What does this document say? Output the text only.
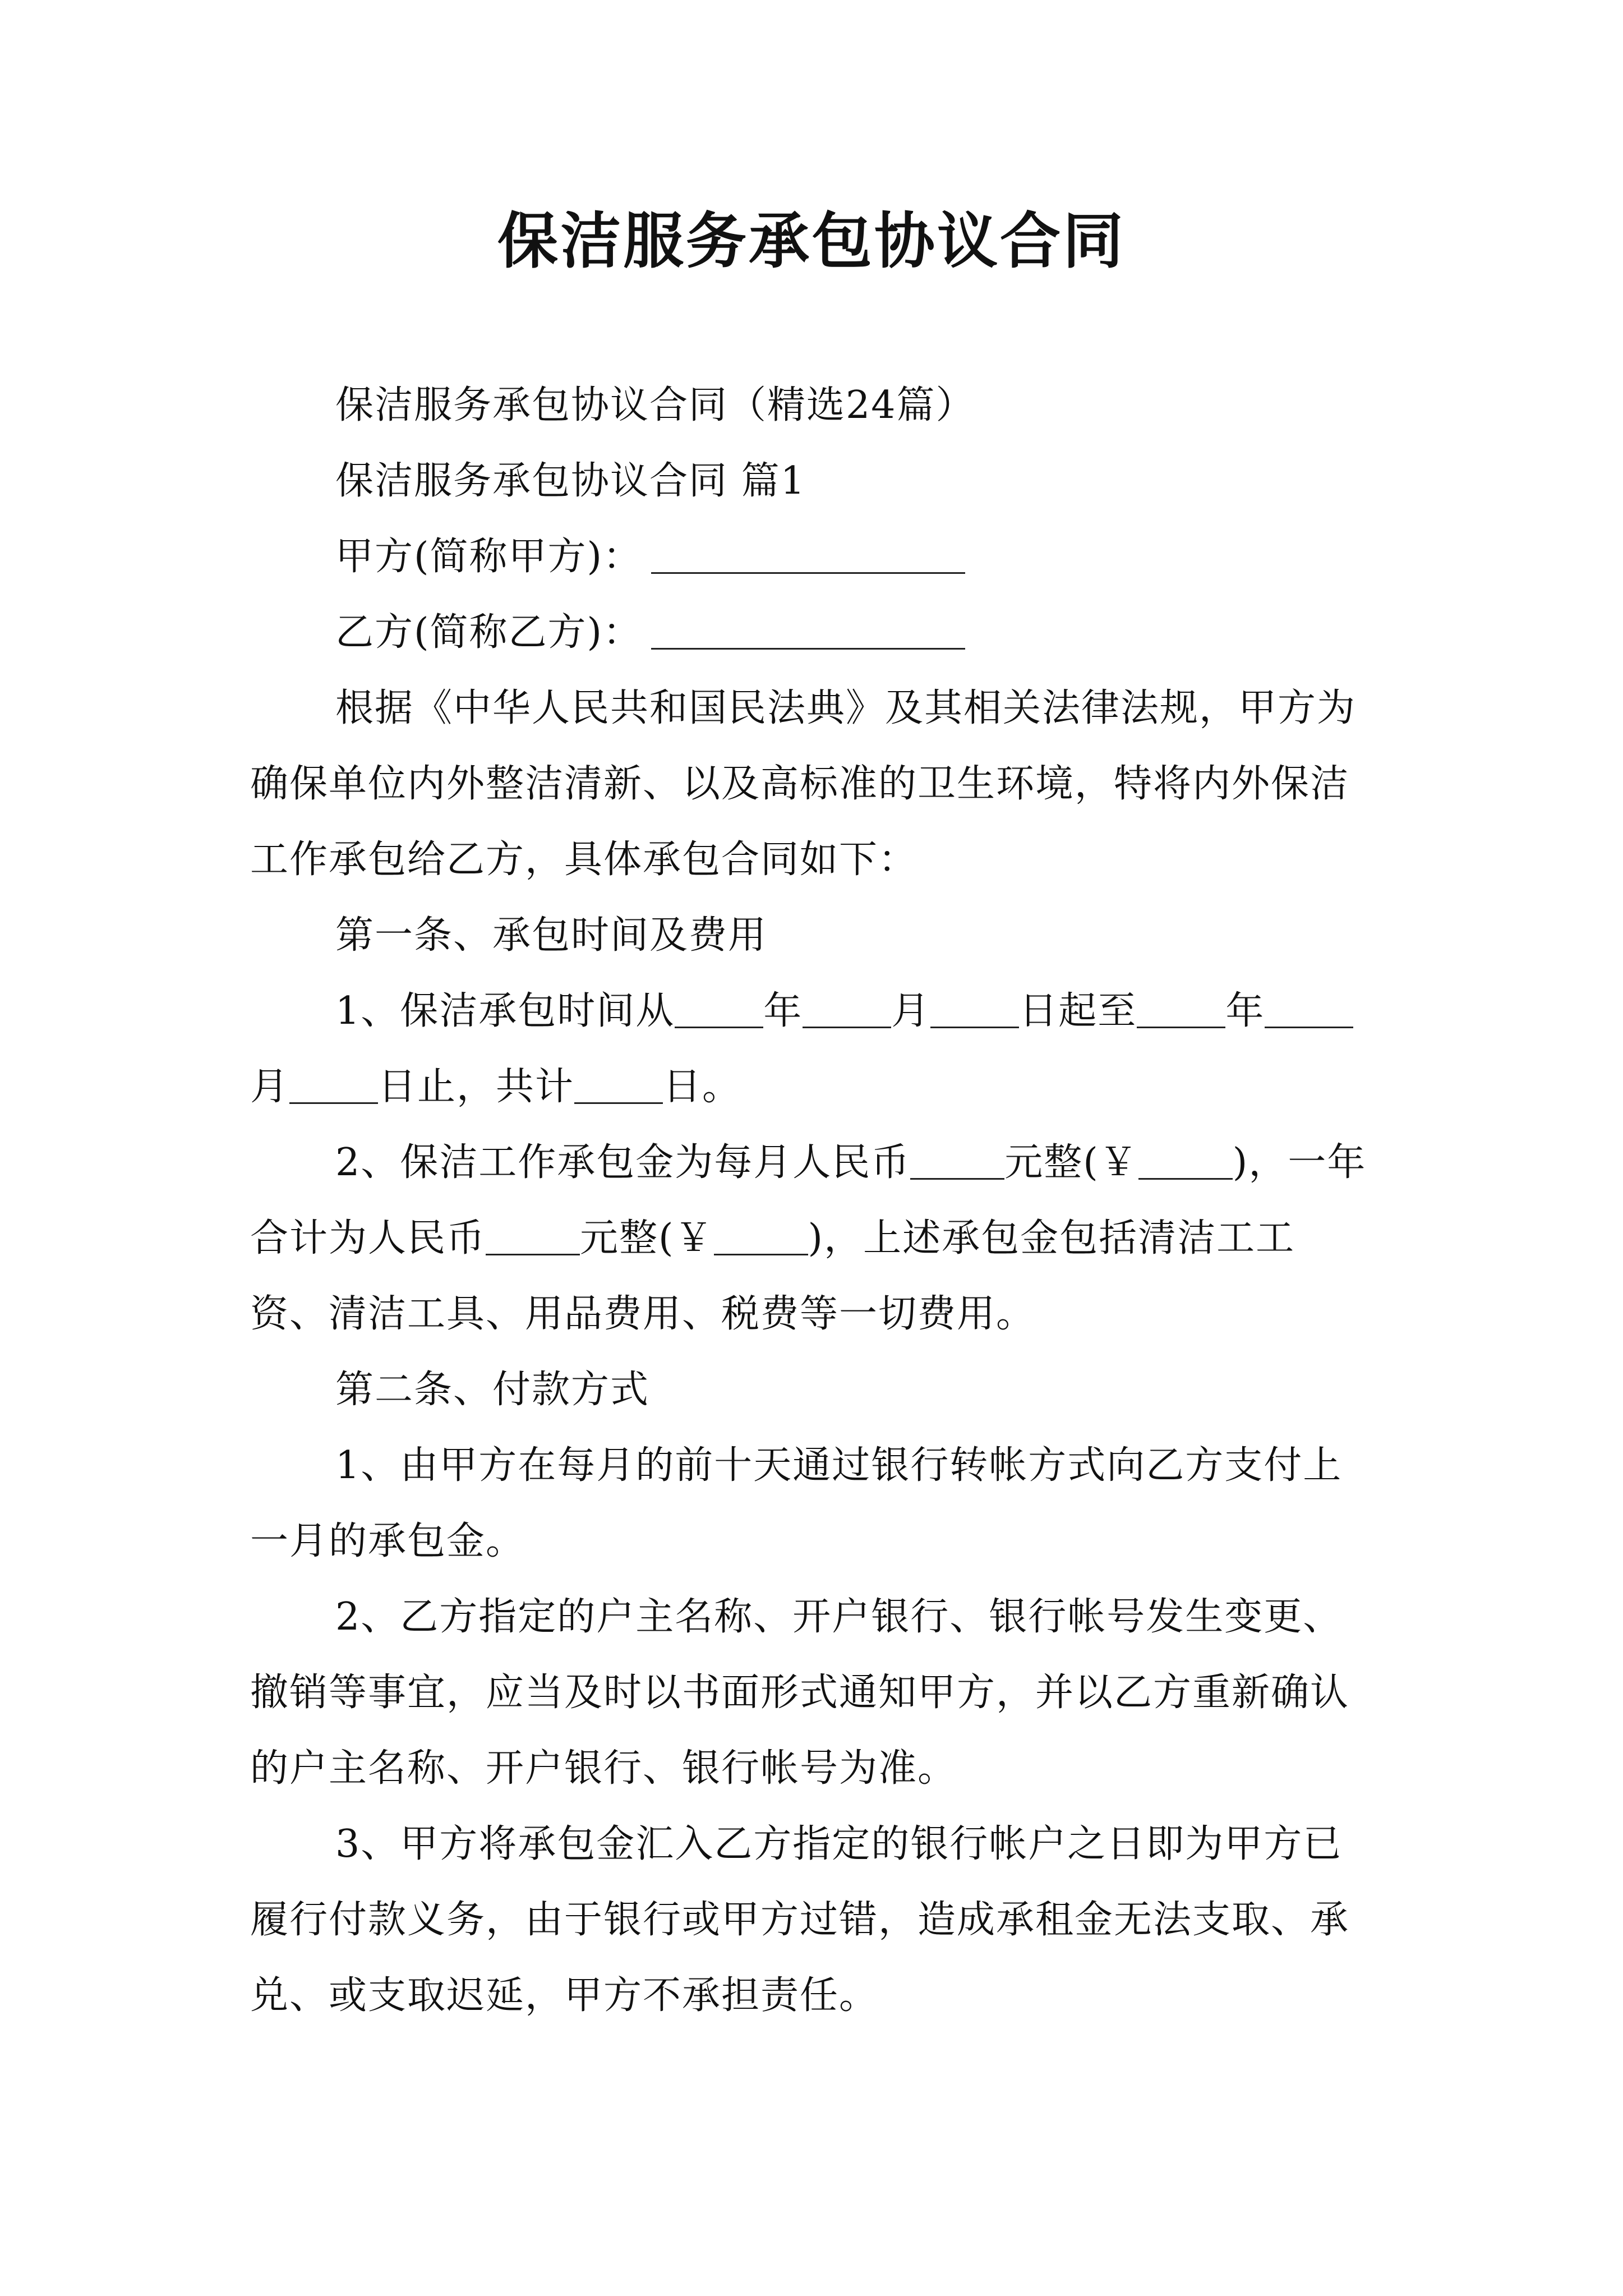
保洁服务承包协议合同

保洁服务承包协议合同（精选24篇）

保洁服务承包协议合同 篇1

甲方(简称甲方)：

乙方(简称乙方)：

根据《中华人民共和国民法典》及其相关法律法规，甲方为确保单位内外整洁清新、以及高标准的卫生环境，特将内外保洁工作承包给乙方，具体承包合同如下：

第一条、承包时间及费用

1、保洁承包时间从 年 月 日起至 年月 日止，共计 日。

2、保洁工作承包金为每月人民币 元整(￥ )，一年合计为人民币 元整(￥ )，上述承包金包括清洁工工资、清洁工具、用品费用、税费等一切费用。

第二条、付款方式

1、由甲方在每月的前十天通过银行转帐方式向乙方支付上一月的承包金。

2、乙方指定的户主名称、开户银行、银行帐号发生变更、撤销等事宜，应当及时以书面形式通知甲方，并以乙方重新确认的户主名称、开户银行、银行帐号为准。

3、甲方将承包金汇入乙方指定的银行帐户之日即为甲方已履行付款义务，由于银行或甲方过错，造成承租金无法支取、承兑、或支取迟延，甲方不承担责任。
